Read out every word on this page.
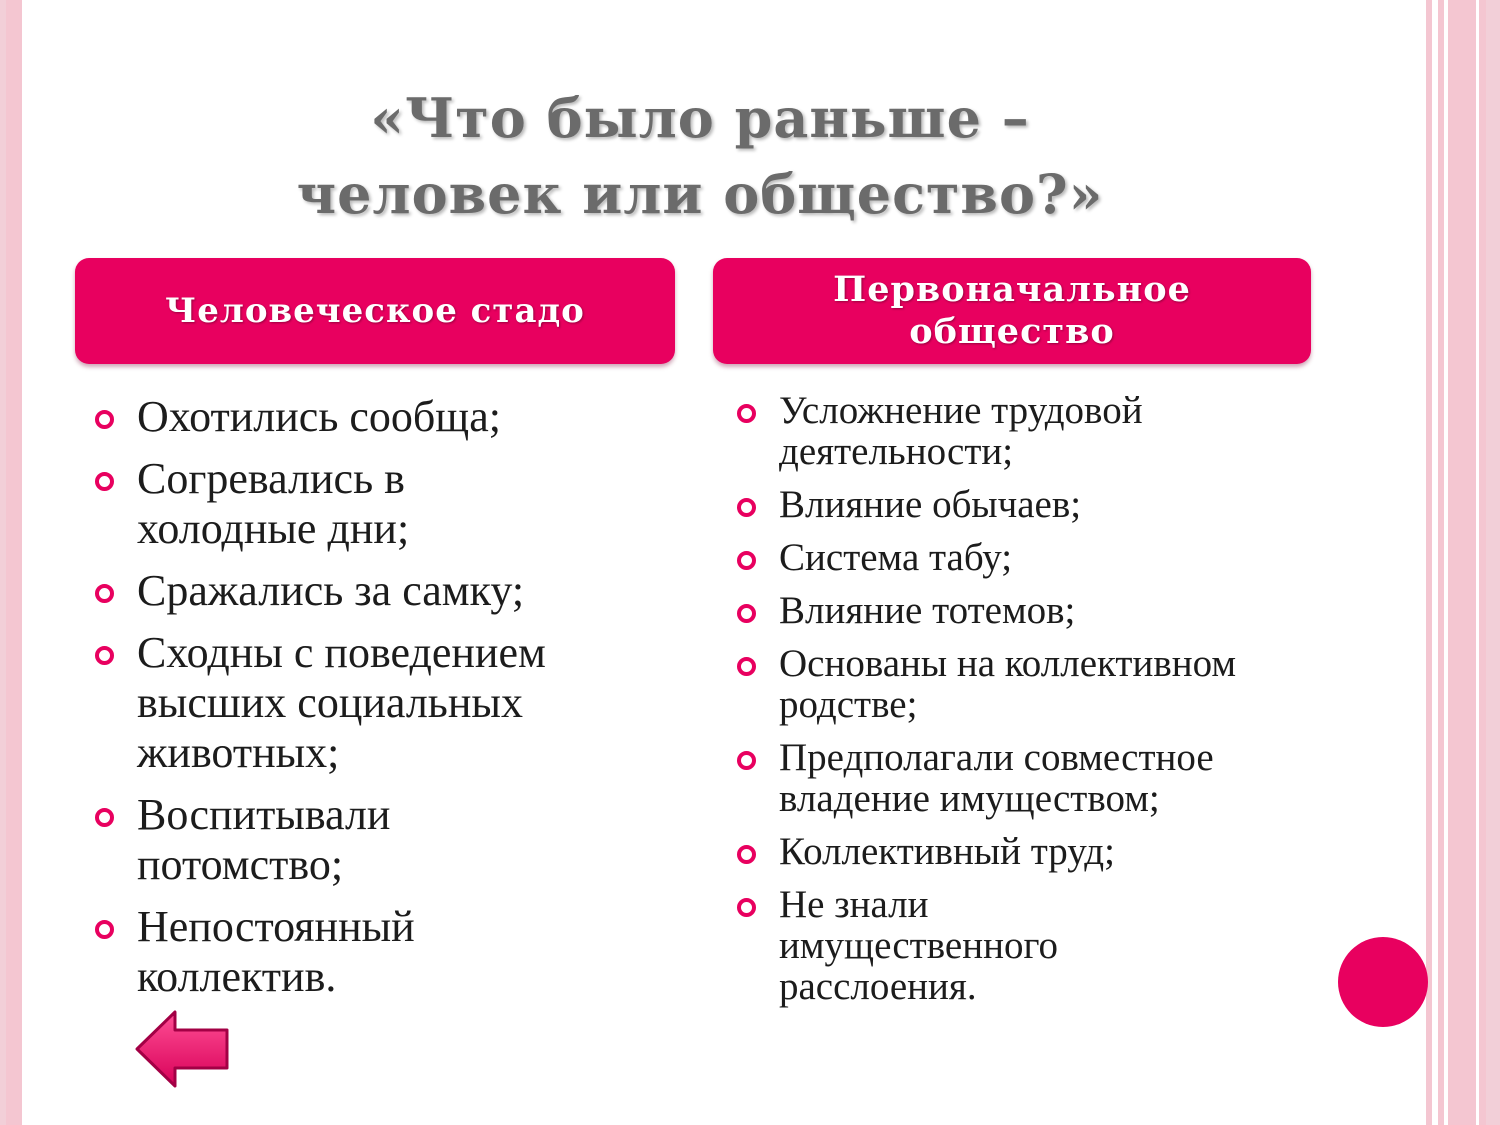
«Что было раньше –
человек или общество?»
Человеческое стадо
Первоначальное общество
Охотились сообща;
Согревались в холодные дни;
Сражались за самку;
Сходны с поведением высших социальных животных;
Воспитывали потомство;
Непостоянный коллектив.
Усложнение трудовой деятельности;
Влияние обычаев;
Система табу;
Влияние тотемов;
Основаны на коллективном родстве;
Предполагали совместное владение имуществом;
Коллективный труд;
Не знали имущественного расслоения.
